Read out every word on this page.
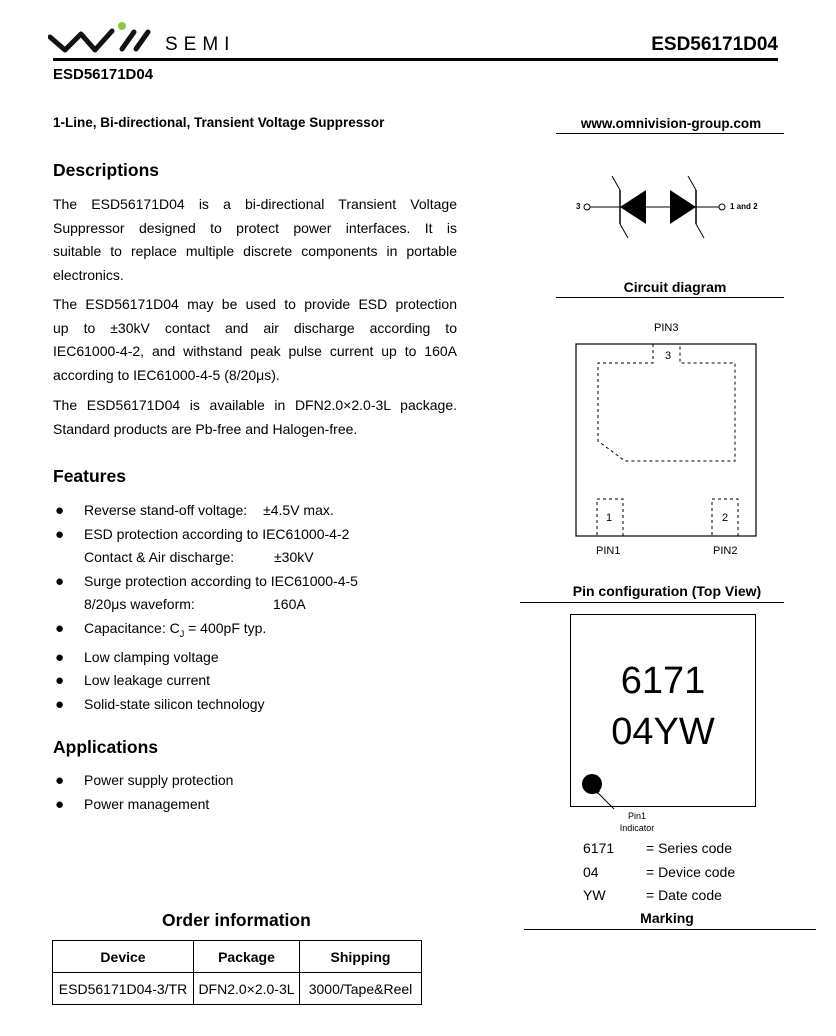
SEMI	ESD56171D04
ESD56171D04
1-Line, Bi-directional, Transient Voltage Suppressor
Descriptions
The ESD56171D04 is a bi-directional Transient Voltage
Suppressor designed to protect power interfaces. It is
suitable to replace multiple discrete components in portable
electronics.
The ESD56171D04 may be used to provide ESD protection
up to ±30kV contact and air discharge according to
IEC61000-4-2, and withstand peak pulse current up to 160A
according to IEC61000-4-5 (8/20μs).
The ESD56171D04 is available in DFN2.0×2.0-3L package.
Standard products are Pb-free and Halogen-free.
Features
● Reverse stand-off voltage: ±4.5V max.
● ESD protection according to IEC61000-4-2
Contact & Air discharge:	±30kV
● Surge protection according to IEC61000-4-5
8/20μs waveform:	160A
● Capacitance: $C_J = 400pF$ typ.
● Low clamping voltage
● Low leakage current
● Solid-state silicon technology
Applications
● Power supply protection
● Power management
Order information
Device	Package	Shipping
ESD56171D04-3/TR	DFN2.0×2.0-3L	3000/Tape&Reel
www.omnivision-group.com
3	1 and 2
Circuit diagram
PIN3
3
1	2
PIN1	PIN2
Pin configuration (Top View)
6171
04YW
Pin1
Indicator
6171 = Series code
04	= Device code
YW	= Date code
Marking
